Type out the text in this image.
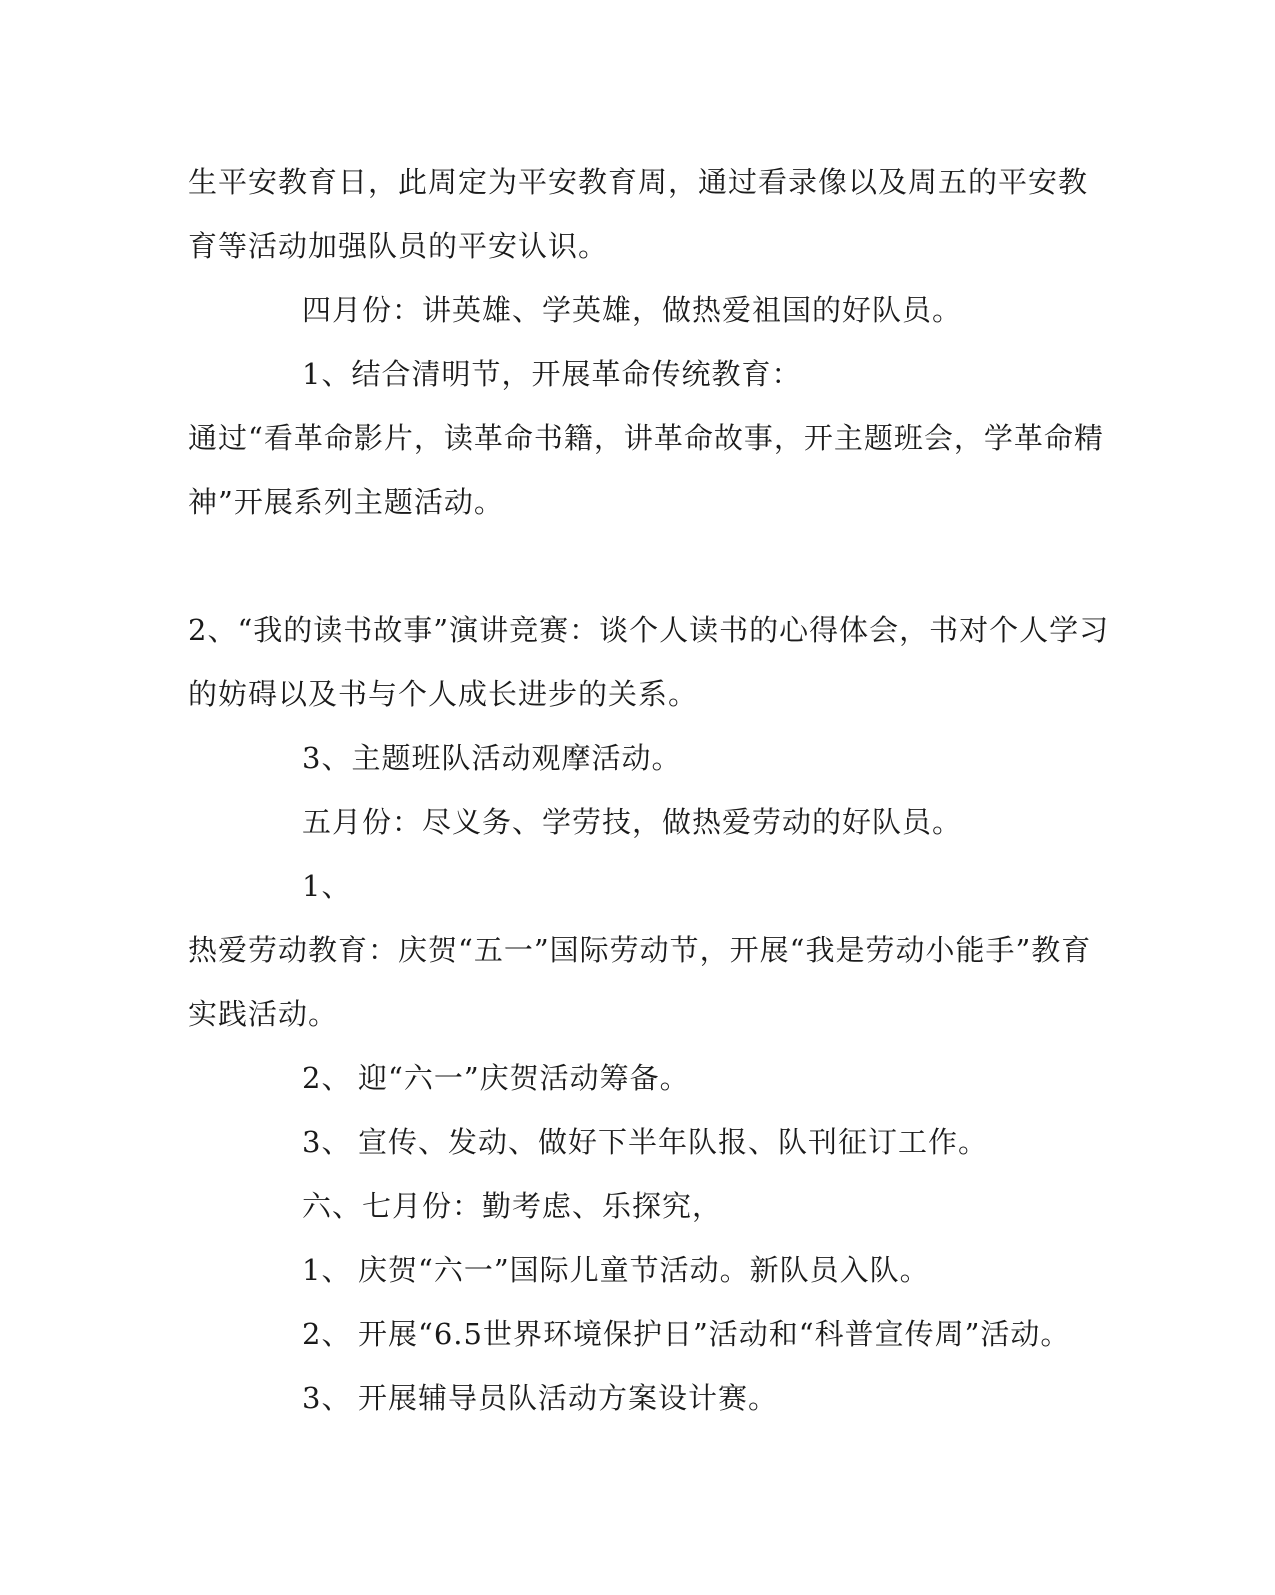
生平安教育日，此周定为平安教育周，通过看录像以及周五的平安教
育等活动加强队员的平安认识。
四月份：讲英雄、学英雄，做热爱祖国的好队员。
1、结合清明节，开展革命传统教育：
通过“看革命影片，读革命书籍，讲革命故事，开主题班会，学革命精
神”开展系列主题活动。
2、“我的读书故事”演讲竞赛：谈个人读书的心得体会，书对个人学习
的妨碍以及书与个人成长进步的关系。
3、主题班队活动观摩活动。
五月份：尽义务、学劳技，做热爱劳动的好队员。
1、
热爱劳动教育：庆贺“五一”国际劳动节，开展“我是劳动小能手”教育
实践活动。
2、 迎“六一”庆贺活动筹备。
3、 宣传、发动、做好下半年队报、队刊征订工作。
六、七月份：勤考虑、乐探究，
1、 庆贺“六一”国际儿童节活动。新队员入队。
2、 开展“6.5世界环境保护日”活动和“科普宣传周”活动。
3、 开展辅导员队活动方案设计赛。
